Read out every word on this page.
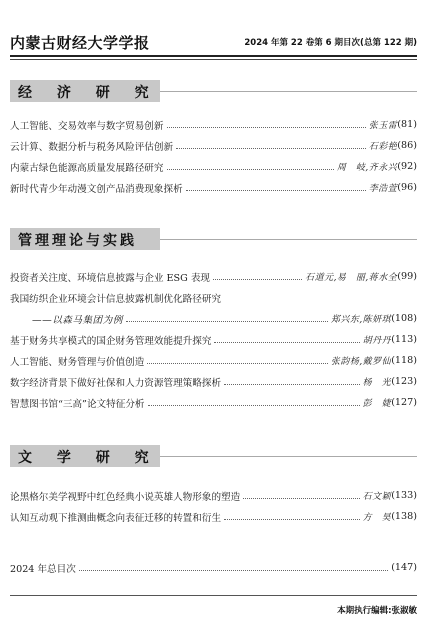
内蒙古财经大学学报	2024 年第 22 卷第 6 期目次(总第 122 期)
经 济 研 究
人工智能、交易效率与数字贸易创新	张玉雷 (81)
云计算、数据分析与税务风险评估创新	石彩艳 (86)
内蒙古绿色能源高质量发展路径研究	周　岐,齐永兴 (92)
新时代青少年动漫文创产品消费现象探析	李浩萱 (96)
管理理论与实践
投资者关注度、环境信息披露与企业 ESG 表现	石道元,易　丽,蒋水全 (99)
我国纺织企业环境会计信息披露机制优化路径研究
——以森马集团为例	郑兴东,陈妍琪 (108)
基于财务共享模式的国企财务管理效能提升探究	胡丹丹 (113)
人工智能、财务管理与价值创造	张韵杨,戴罗仙 (118)
数字经济背景下做好社保和人力资源管理策略探析	杨　光 (123)
智慧图书馆“三高”论文特征分析	彭　婕 (127)
文 学 研 究
论黑格尔美学视野中红色经典小说英雄人物形象的塑造	石文颖 (133)
认知互动观下推测曲概念向表征迁移的转置和衍生	方　昊 (138)
2024 年总目次	(147)
本期执行编辑:张淑敏
